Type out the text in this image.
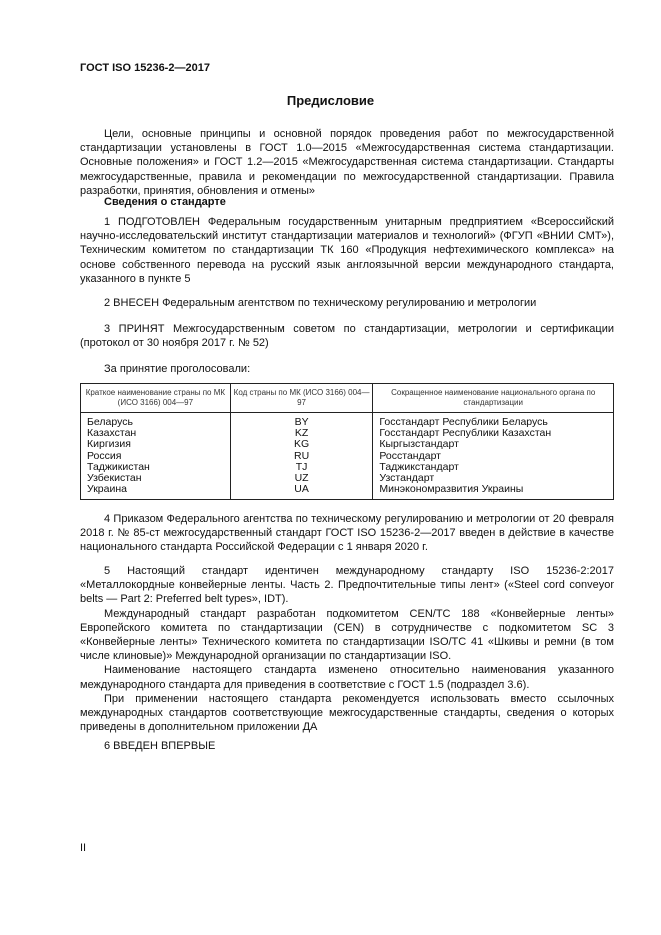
ГОСТ ISO 15236-2—2017
Предисловие

Цели, основные принципы и основной порядок проведения работ по межгосударственной стандартизации установлены в ГОСТ 1.0—2015 «Межгосударственная система стандартизации. Основные положения» и ГОСТ 1.2—2015 «Межгосударственная система стандартизации. Стандарты межгосударственные, правила и рекомендации по межгосударственной стандартизации. Правила разработки, принятия, обновления и отмены»

Сведения о стандарте

1 ПОДГОТОВЛЕН Федеральным государственным унитарным предприятием «Всероссийский научно-исследовательский институт стандартизации материалов и технологий» (ФГУП «ВНИИ СМТ»), Техническим комитетом по стандартизации ТК 160 «Продукция нефтехимического комплекса» на основе собственного перевода на русский язык англоязычной версии международного стандарта, указанного в пункте 5

2 ВНЕСЕН Федеральным агентством по техническому регулированию и метрологии

3 ПРИНЯТ Межгосударственным советом по стандартизации, метрологии и сертификации (протокол от 30 ноября 2017 г. № 52)

За принятие проголосовали:

Краткое наименование страны по МК (ИСО 3166) 004—97	Код страны по МК (ИСО 3166) 004—97	Сокращенное наименование национального органа по стандартизации
Беларусь	BY	Госстандарт Республики Беларусь
Казахстан	KZ	Госстандарт Республики Казахстан
Киргизия	KG	Кыргызстандарт
Россия	RU	Росстандарт
Таджикистан	TJ	Таджикстандарт
Узбекистан	UZ	Узстандарт
Украина	UA	Минэкономразвития Украины

4 Приказом Федерального агентства по техническому регулированию и метрологии от 20 февраля 2018 г. № 85-ст межгосударственный стандарт ГОСТ ISO 15236-2—2017 введен в действие в качестве национального стандарта Российской Федерации с 1 января 2020 г.

5 Настоящий стандарт идентичен международному стандарту ISO 15236-2:2017 «Металлокордные конвейерные ленты. Часть 2. Предпочтительные типы лент» («Steel cord conveyor belts — Part 2: Preferred belt types», IDT).

Международный стандарт разработан подкомитетом CEN/TC 188 «Конвейерные ленты» Европейского комитета по стандартизации (CEN) в сотрудничестве с подкомитетом SC 3 «Конвейерные ленты» Технического комитета по стандартизации ISO/TC 41 «Шкивы и ремни (в том числе клиновые)» Международной организации по стандартизации ISO.

Наименование настоящего стандарта изменено относительно наименования указанного международного стандарта для приведения в соответствие с ГОСТ 1.5 (подраздел 3.6).

При применении настоящего стандарта рекомендуется использовать вместо ссылочных международных стандартов соответствующие межгосударственные стандарты, сведения о которых приведены в дополнительном приложении ДА

6 ВВЕДЕН ВПЕРВЫЕ

II
